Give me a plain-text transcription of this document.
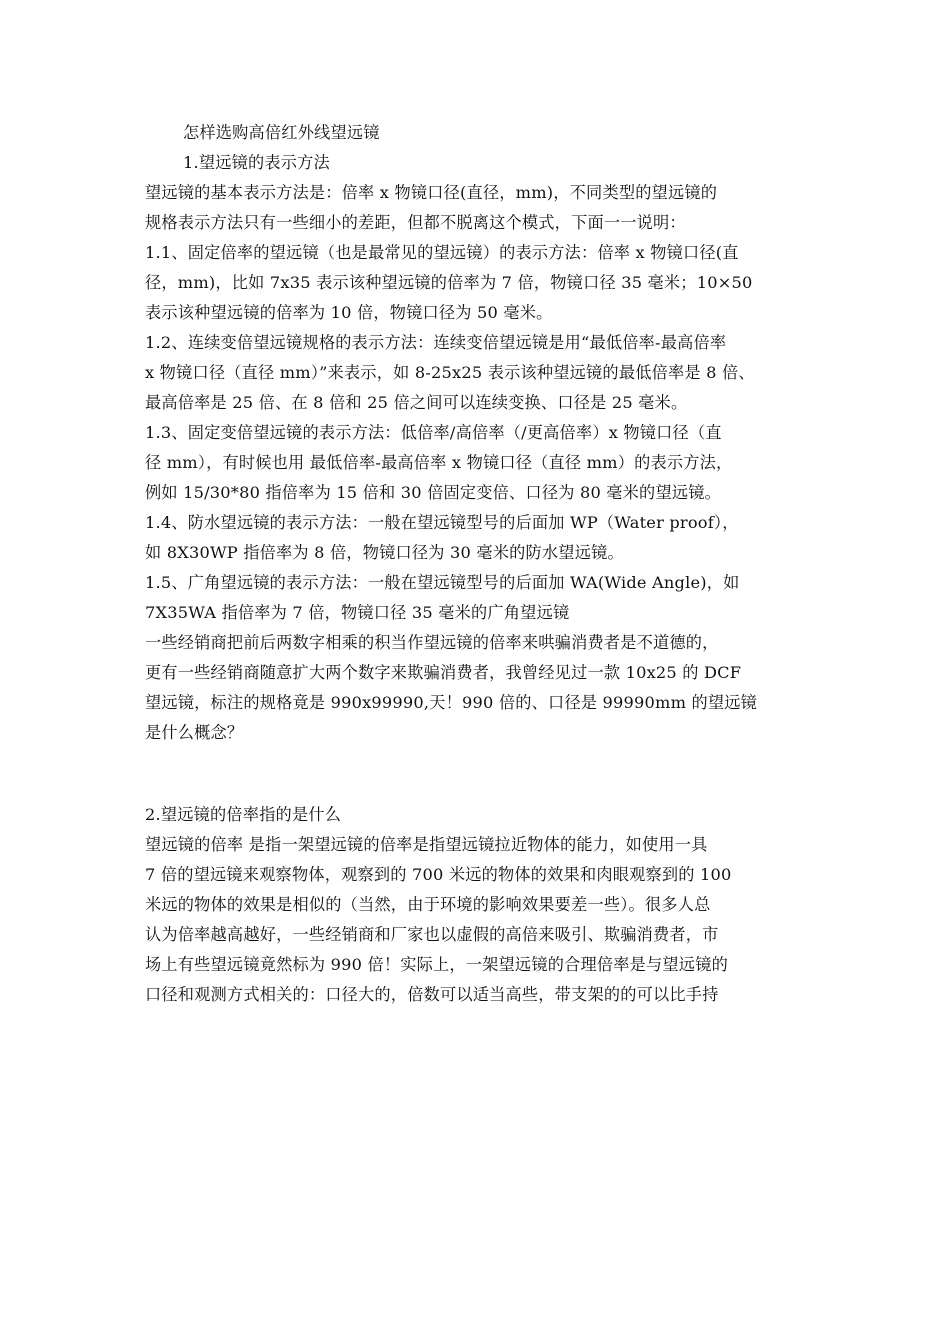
怎样选购高倍红外线望远镜
1.望远镜的表示方法
望远镜的基本表示方法是：倍率 x 物镜口径(直径，mm)，不同类型的望远镜的
规格表示方法只有一些细小的差距，但都不脱离这个模式，下面一一说明：
1.1、固定倍率的望远镜（也是最常见的望远镜）的表示方法：倍率 x 物镜口径(直
径，mm)，比如 7x35 表示该种望远镜的倍率为 7 倍，物镜口径 35 毫米；10×50
表示该种望远镜的倍率为 10 倍，物镜口径为 50 毫米。
1.2、连续变倍望远镜规格的表示方法：连续变倍望远镜是用“最低倍率-最高倍率
x 物镜口径（直径 mm）”来表示，如 8-25x25 表示该种望远镜的最低倍率是 8 倍、
最高倍率是 25 倍、在 8 倍和 25 倍之间可以连续变换、口径是 25 毫米。
1.3、固定变倍望远镜的表示方法：低倍率/高倍率（/更高倍率）x 物镜口径（直
径 mm），有时候也用 最低倍率-最高倍率 x 物镜口径（直径 mm）的表示方法，
例如 15/30*80 指倍率为 15 倍和 30 倍固定变倍、口径为 80 毫米的望远镜。
1.4、防水望远镜的表示方法：一般在望远镜型号的后面加 WP（Water proof），
如 8X30WP 指倍率为 8 倍，物镜口径为 30 毫米的防水望远镜。
1.5、广角望远镜的表示方法：一般在望远镜型号的后面加 WA(Wide Angle)，如
7X35WA 指倍率为 7 倍，物镜口径 35 毫米的广角望远镜
一些经销商把前后两数字相乘的积当作望远镜的倍率来哄骗消费者是不道德的，
更有一些经销商随意扩大两个数字来欺骗消费者，我曾经见过一款 10x25 的 DCF
望远镜，标注的规格竟是 990x99990,天！990 倍的、口径是 99990mm 的望远镜
是什么概念？
2.望远镜的倍率指的是什么
望远镜的倍率 是指一架望远镜的倍率是指望远镜拉近物体的能力，如使用一具
7 倍的望远镜来观察物体，观察到的 700 米远的物体的效果和肉眼观察到的 100
米远的物体的效果是相似的（当然，由于环境的影响效果要差一些）。很多人总
认为倍率越高越好，一些经销商和厂家也以虚假的高倍来吸引、欺骗消费者，市
场上有些望远镜竟然标为 990 倍！实际上，一架望远镜的合理倍率是与望远镜的
口径和观测方式相关的：口径大的，倍数可以适当高些，带支架的的可以比手持
